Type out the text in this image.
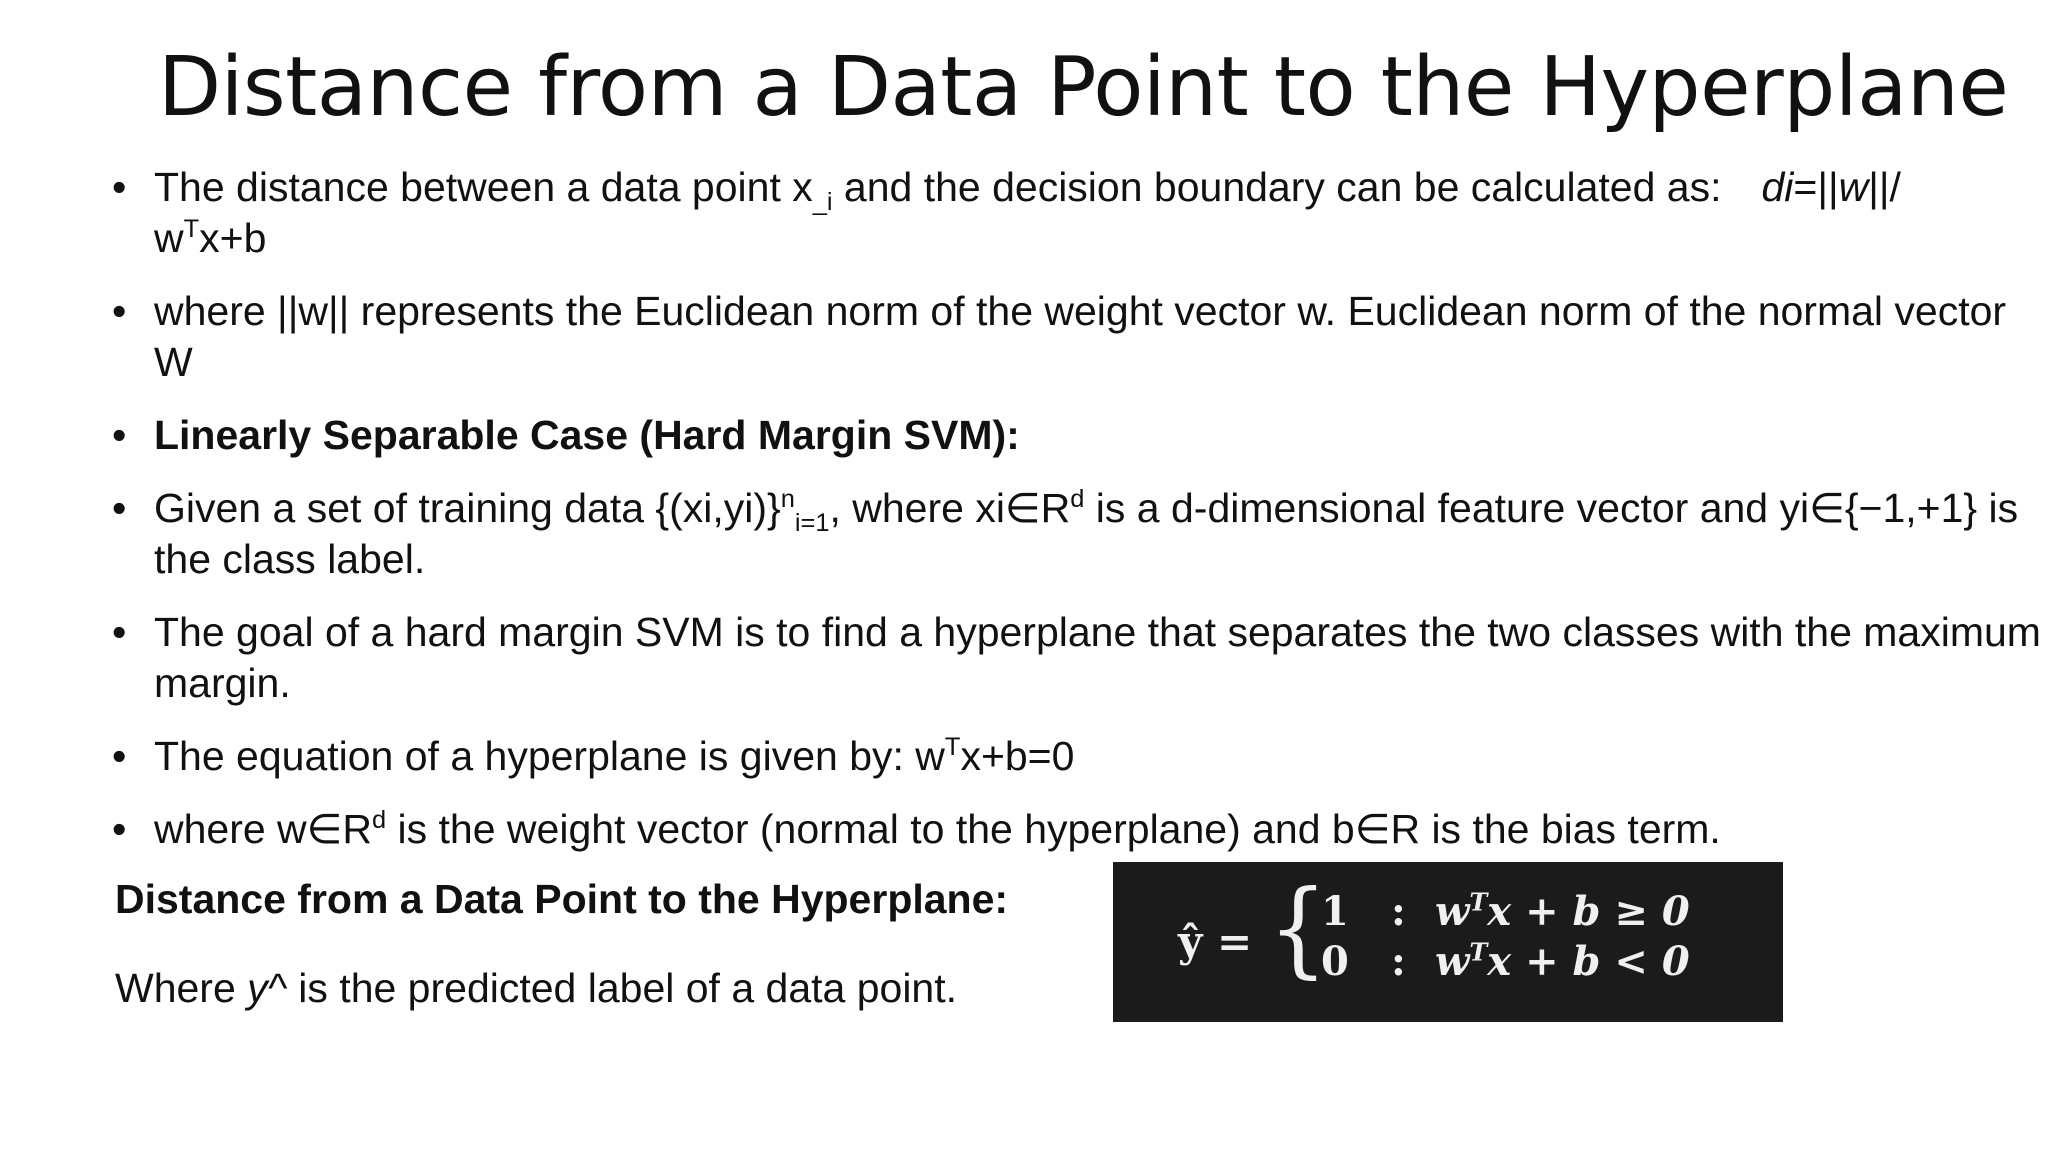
Distance from a Data Point to the Hyperplane
• The distance between a data point $x_{\_i}$ and the decision boundary can be calculated as: di=||w||/
$w^Tx+b$
• where ||w|| represents the Euclidean norm of the weight vector w. Euclidean norm of the normal vector W
• Linearly Separable Case (Hard Margin SVM):
• Given a set of training data $\{(xi,yi)\}^n_{i=1}$, where $xi\in R^d$ is a d-dimensional feature vector and yi∈{−1,+1} is the class label.
• The goal of a hard margin SVM is to find a hyperplane that separates the two classes with the maximum margin.
• The equation of a hyperplane is given by: $w^Tx+b=0$
• where $w\in R^d$ is the weight vector (normal to the hyperplane) and b∈R is the bias term.
Distance from a Data Point to the Hyperplane:
Where y^ is the predicted label of a data point.
ŷ = {
1 : $w^Tx + b \ge 0$
0 : $w^Tx + b < 0$
